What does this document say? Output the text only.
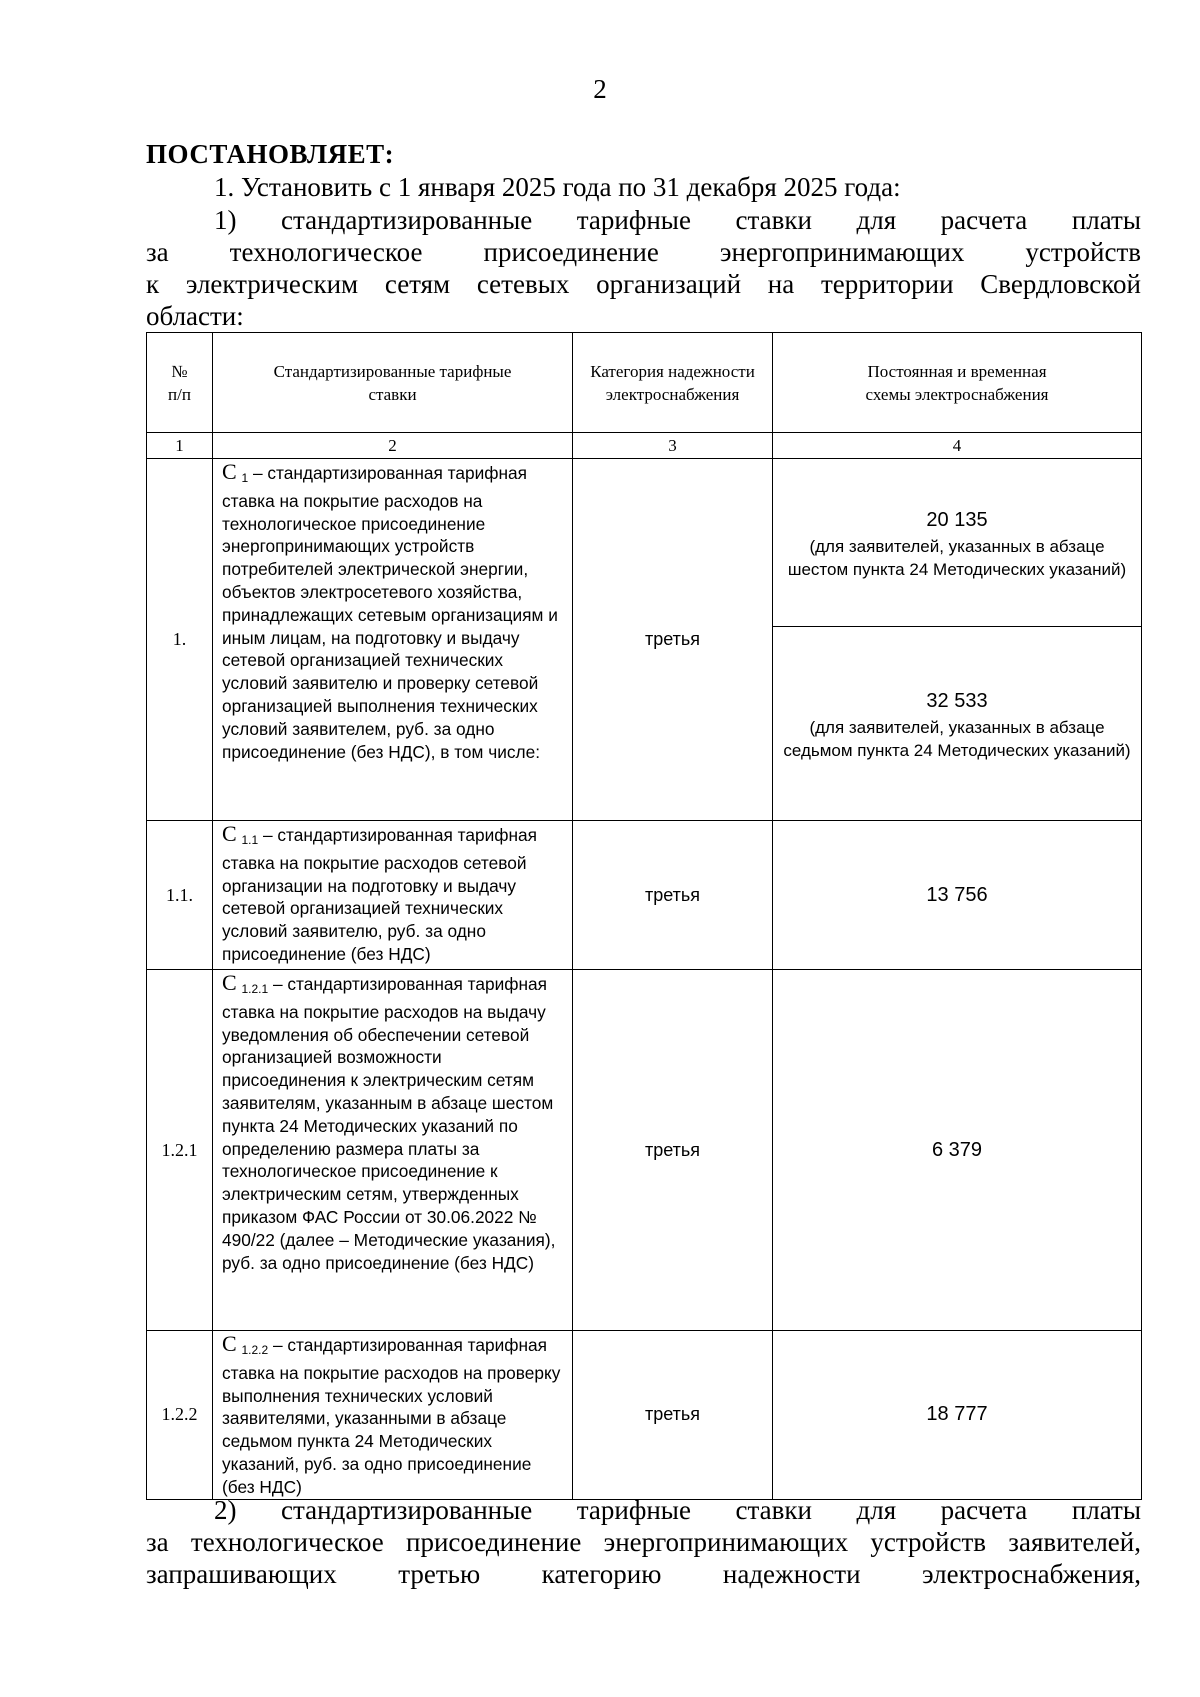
2
ПОСТАНОВЛЯЕТ:
1. Установить с 1 января 2025 года по 31 декабря 2025 года:
1) стандартизированные тарифные ставки для расчета платы
за технологическое присоединение энергопринимающих устройств
к электрическим сетям сетевых организаций на территории Свердловской
области:
№ п/п	Стандартизированные тарифные ставки	Категория надежности электроснабжения	Постоянная и временная схемы электроснабжения

1	2	3	4
1.	С $_1$ – стандартизированная тарифная ставка на покрытие расходов на технологическое присоединение энергопринимающих устройств потребителей электрической энергии, объектов электросетевого хозяйства, принадлежащих сетевым организациям и иным лицам, на подготовку и выдачу сетевой организацией технических условий заявителю и проверку сетевой организацией выполнения технических условий заявителем, руб. за одно присоединение (без НДС), в том числе:	третья	20 135
(для заявителей, указанных в абзаце шестом пункта 24 Методических указаний)

			32 533
(для заявителей, указанных в абзаце седьмом пункта 24 Методических указаний)

1.1.	С $_{1.1}$ – стандартизированная тарифная ставка на покрытие расходов сетевой организации на подготовку и выдачу сетевой организацией технических условий заявителю, руб. за одно присоединение (без НДС)	третья	13 756
1.2.1	С $_{1.2.1}$ – стандартизированная тарифная ставка на покрытие расходов на выдачу уведомления об обеспечении сетевой организацией возможности присоединения к электрическим сетям заявителям, указанным в абзаце шестом пункта 24 Методических указаний по определению размера платы за технологическое присоединение к электрическим сетям, утвержденных приказом ФАС России от 30.06.2022 № 490/22 (далее – Методические указания), руб. за одно присоединение (без НДС)	третья	6 379
1.2.2	С $_{1.2.2}$ – стандартизированная тарифная ставка на покрытие расходов на проверку выполнения технических условий заявителями, указанными в абзаце седьмом пункта 24 Методических указаний, руб. за одно присоединение (без НДС)	третья	18 777
2) стандартизированные тарифные ставки для расчета платы
за технологическое присоединение энергопринимающих устройств заявителей,
запрашивающих третью категорию надежности электроснабжения,
